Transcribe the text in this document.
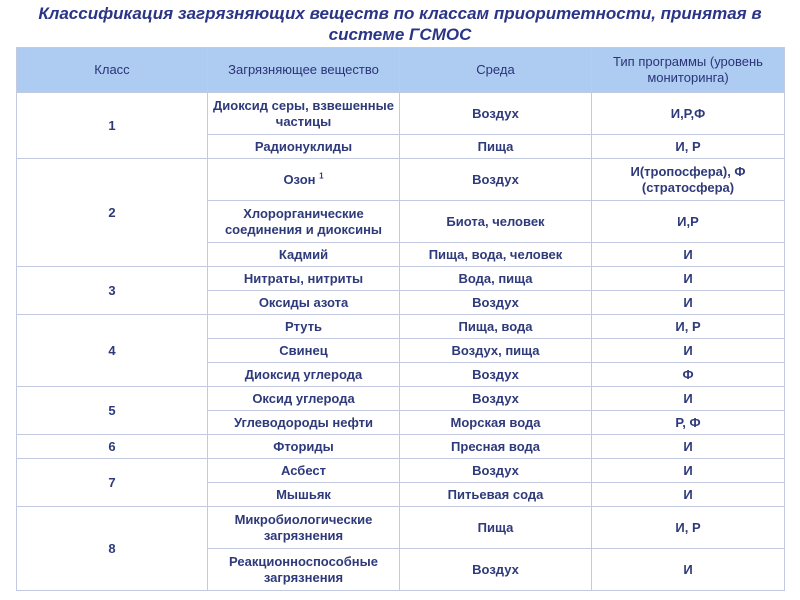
Классификация загрязняющих веществ по классам приоритетности, принятая в системе ГСМОС
Класс	Загрязняющее вещество	Среда	Тип программы (уровень мониторинга)
1	Диоксид серы, взвешенные частицы	Воздух	И,Р,Ф
	Радионуклиды	Пища	И, Р
2	Озон $^1$	Воздух	И(тропосфера), Ф (стратосфера)
	Хлорорганические соединения и диоксины	Биота, человек	И,Р
	Кадмий	Пища, вода, человек	И
3	Нитраты, нитриты	Вода, пища	И
	Оксиды азота	Воздух	И
4	Ртуть	Пища, вода	И, Р
	Свинец	Воздух, пища	И
	Диоксид углерода	Воздух	Ф
5	Оксид углерода	Воздух	И
	Углеводороды нефти	Морская вода	Р, Ф
6	Фториды	Пресная вода	И
7	Асбест	Воздух	И
	Мышьяк	Питьевая сода	И
8	Микробиологические загрязнения	Пища	И, Р
	Реакционноспособные загрязнения	Воздух	И
